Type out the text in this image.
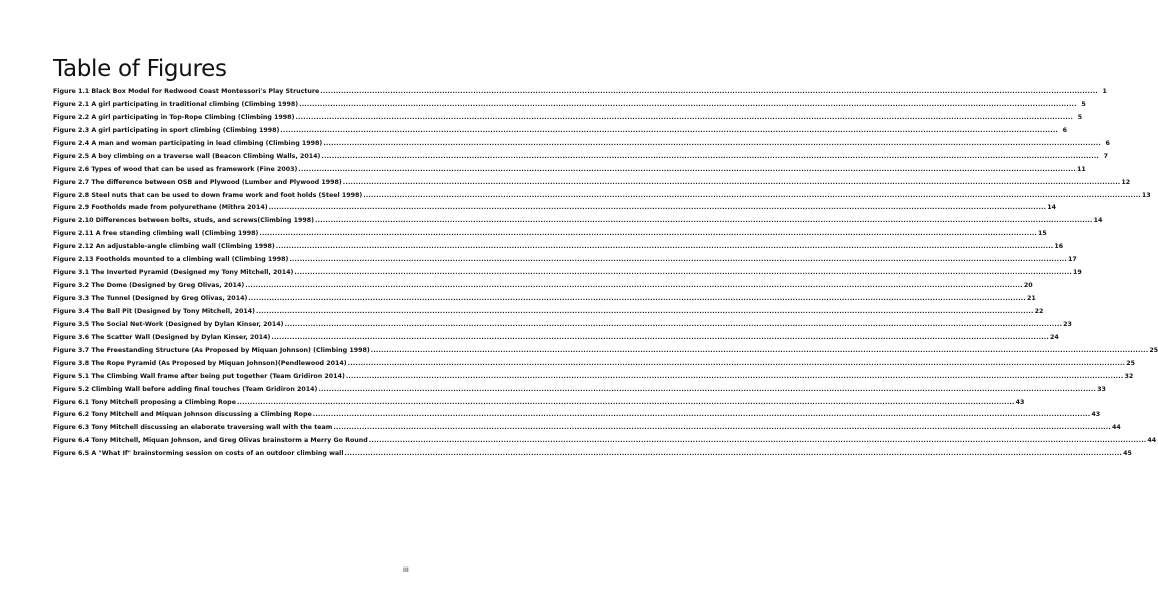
Table of Figures
Figure 1.1 Black Box Model for Redwood Coast Montessori's Play Structure ............................................................................................................................................................................................................................................................................................................ 1
Figure 2.1 A girl participating in traditional climbing (Climbing 1998) ............................................................................................................................................................................................................................................................................................................ 5
Figure 2.2 A girl participating in Top-Rope Climbing (Climbing 1998) ............................................................................................................................................................................................................................................................................................................ 5
Figure 2.3 A girl participating in sport climbing (Climbing 1998) ............................................................................................................................................................................................................................................................................................................ 6
Figure 2.4 A man and woman participating in lead climbing (Climbing 1998) ............................................................................................................................................................................................................................................................................................................ 6
Figure 2.5 A boy climbing on a traverse wall (Beacon Climbing Walls, 2014) ............................................................................................................................................................................................................................................................................................................ 7
Figure 2.6 Types of wood that can be used as framework (Fine 2003) ............................................................................................................................................................................................................................................................................................................ 11
Figure 2.7 The difference between OSB and Plywood (Lumber and Plywood 1998) ............................................................................................................................................................................................................................................................................................................ 12
Figure 2.8 Steel nuts that can be used to down frame work and foot holds (Steel 1998) ............................................................................................................................................................................................................................................................................................................ 13
Figure 2.9 Footholds made from polyurethane (Mithra 2014) ............................................................................................................................................................................................................................................................................................................ 14
Figure 2.10 Differences between bolts, studs, and screws(Climbing 1998) ............................................................................................................................................................................................................................................................................................................ 14
Figure 2.11 A free standing climbing wall (Climbing 1998) ............................................................................................................................................................................................................................................................................................................ 15
Figure 2.12 An adjustable-angle climbing wall (Climbing 1998) ............................................................................................................................................................................................................................................................................................................ 16
Figure 2.13 Footholds mounted to a climbing wall (Climbing 1998) ............................................................................................................................................................................................................................................................................................................ 17
Figure 3.1 The Inverted Pyramid (Designed my Tony Mitchell, 2014) ............................................................................................................................................................................................................................................................................................................ 19
Figure 3.2 The Dome (Designed by Greg Olivas, 2014) ............................................................................................................................................................................................................................................................................................................ 20
Figure 3.3 The Tunnel (Designed by Greg Olivas, 2014) ............................................................................................................................................................................................................................................................................................................ 21
Figure 3.4 The Ball Pit (Designed by Tony Mitchell, 2014) ............................................................................................................................................................................................................................................................................................................ 22
Figure 3.5 The Social Net-Work (Designed by Dylan Kinser, 2014) ............................................................................................................................................................................................................................................................................................................ 23
Figure 3.6 The Scatter Wall (Designed by Dylan Kinser, 2014) ............................................................................................................................................................................................................................................................................................................ 24
Figure 3.7 The Freestanding Structure (As Proposed by Miquan Johnson) (Climbing 1998) ............................................................................................................................................................................................................................................................................................................ 25
Figure 3.8 The Rope Pyramid (As Proposed by Miquan Johnson)(Pendlewood 2014) ............................................................................................................................................................................................................................................................................................................ 25
Figure 5.1 The Climbing Wall frame after being put together (Team Gridiron 2014) ............................................................................................................................................................................................................................................................................................................ 32
Figure 5.2 Climbing Wall before adding final touches (Team Gridiron 2014) ............................................................................................................................................................................................................................................................................................................ 33
Figure 6.1 Tony Mitchell proposing a Climbing Rope ............................................................................................................................................................................................................................................................................................................ 43
Figure 6.2 Tony Mitchell and Miquan Johnson discussing a Climbing Rope ............................................................................................................................................................................................................................................................................................................ 43
Figure 6.3 Tony Mitchell discussing an elaborate traversing wall with the team ............................................................................................................................................................................................................................................................................................................ 44
Figure 6.4 Tony Mitchell, Miquan Johnson, and Greg Olivas brainstorm a Merry Go Round ............................................................................................................................................................................................................................................................................................................ 44
Figure 6.5 A "What If" brainstorming session on costs of an outdoor climbing wall ............................................................................................................................................................................................................................................................................................................ 45
iii
